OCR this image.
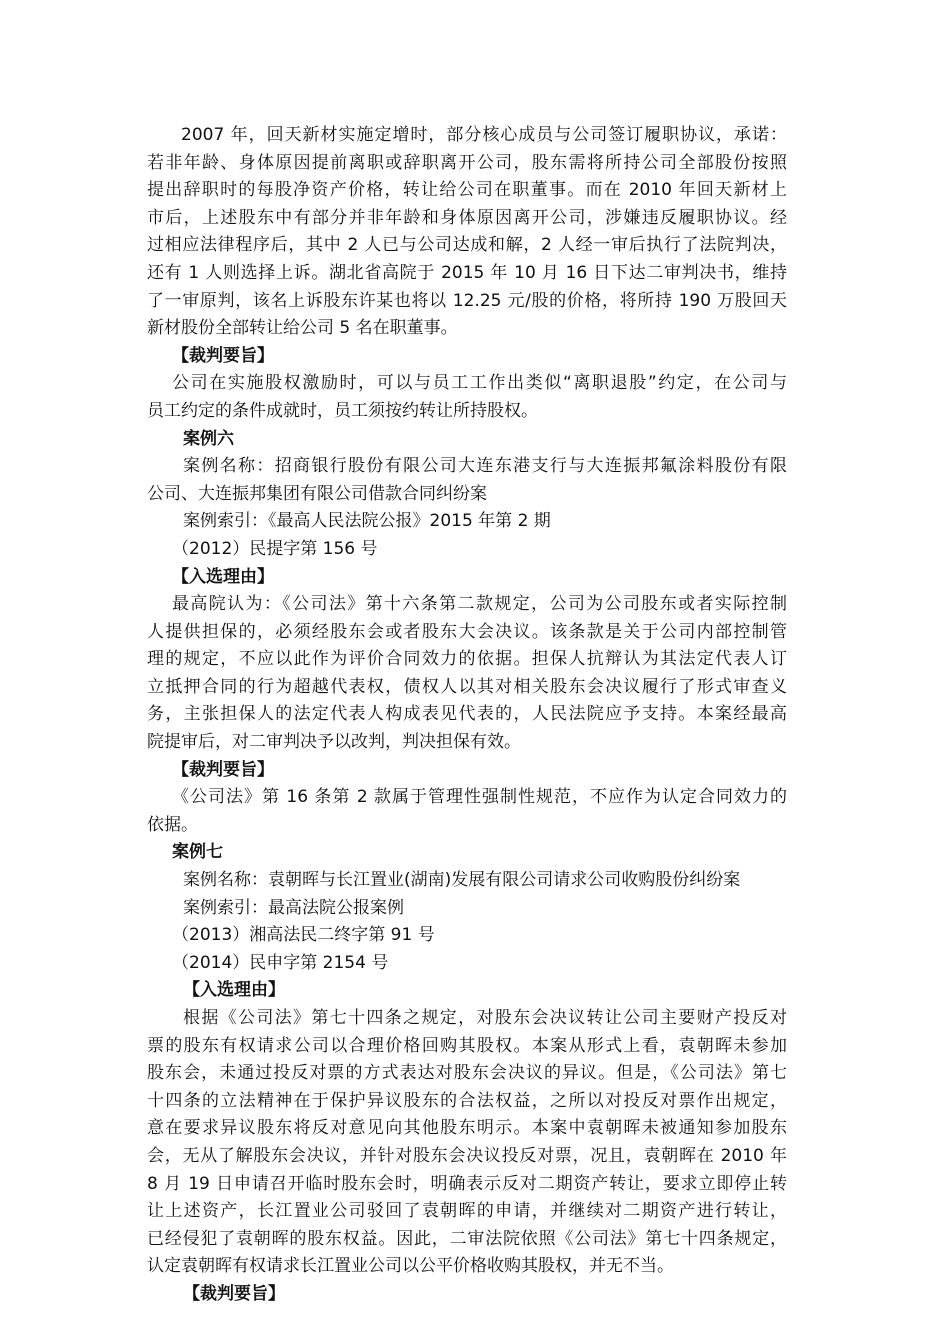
2007 年，回天新材实施定增时，部分核心成员与公司签订履职协议，承诺：
若非年龄、身体原因提前离职或辞职离开公司，股东需将所持公司全部股份按照
提出辞职时的每股净资产价格，转让给公司在职董事。而在 2010 年回天新材上
市后，上述股东中有部分并非年龄和身体原因离开公司，涉嫌违反履职协议。经
过相应法律程序后，其中 2 人已与公司达成和解，2 人经一审后执行了法院判决，
还有 1 人则选择上诉。湖北省高院于 2015 年 10 月 16 日下达二审判决书，维持
了一审原判，该名上诉股东许某也将以 12.25 元/股的价格，将所持 190 万股回天
新材股份全部转让给公司 5 名在职董事。
【裁判要旨】
公司在实施股权激励时，可以与员工工作出类似“离职退股”约定，在公司与
员工约定的条件成就时，员工须按约转让所持股权。
案例六
案例名称：招商银行股份有限公司大连东港支行与大连振邦氟涂料股份有限
公司、大连振邦集团有限公司借款合同纠纷案
案例索引：《最高人民法院公报》2015 年第 2 期
（2012）民提字第 156 号
【入选理由】
最高院认为：《公司法》第十六条第二款规定，公司为公司股东或者实际控制
人提供担保的，必须经股东会或者股东大会决议。该条款是关于公司内部控制管
理的规定，不应以此作为评价合同效力的依据。担保人抗辩认为其法定代表人订
立抵押合同的行为超越代表权，债权人以其对相关股东会决议履行了形式审查义
务，主张担保人的法定代表人构成表见代表的，人民法院应予支持。本案经最高
院提审后，对二审判决予以改判，判决担保有效。
【裁判要旨】
《公司法》第 16 条第 2 款属于管理性强制性规范，不应作为认定合同效力的
依据。
案例七
案例名称：袁朝晖与长江置业(湖南)发展有限公司请求公司收购股份纠纷案
案例索引：最高法院公报案例
（2013）湘高法民二终字第 91 号
（2014）民申字第 2154 号
【入选理由】
根据《公司法》第七十四条之规定，对股东会决议转让公司主要财产投反对
票的股东有权请求公司以合理价格回购其股权。本案从形式上看，袁朝晖未参加
股东会，未通过投反对票的方式表达对股东会决议的异议。但是，《公司法》第七
十四条的立法精神在于保护异议股东的合法权益，之所以对投反对票作出规定，
意在要求异议股东将反对意见向其他股东明示。本案中袁朝晖未被通知参加股东
会，无从了解股东会决议，并针对股东会决议投反对票，况且，袁朝晖在 2010 年
8 月 19 日申请召开临时股东会时，明确表示反对二期资产转让，要求立即停止转
让上述资产，长江置业公司驳回了袁朝晖的申请，并继续对二期资产进行转让，
已经侵犯了袁朝晖的股东权益。因此，二审法院依照《公司法》第七十四条规定，
认定袁朝晖有权请求长江置业公司以公平价格收购其股权，并无不当。
【裁判要旨】
